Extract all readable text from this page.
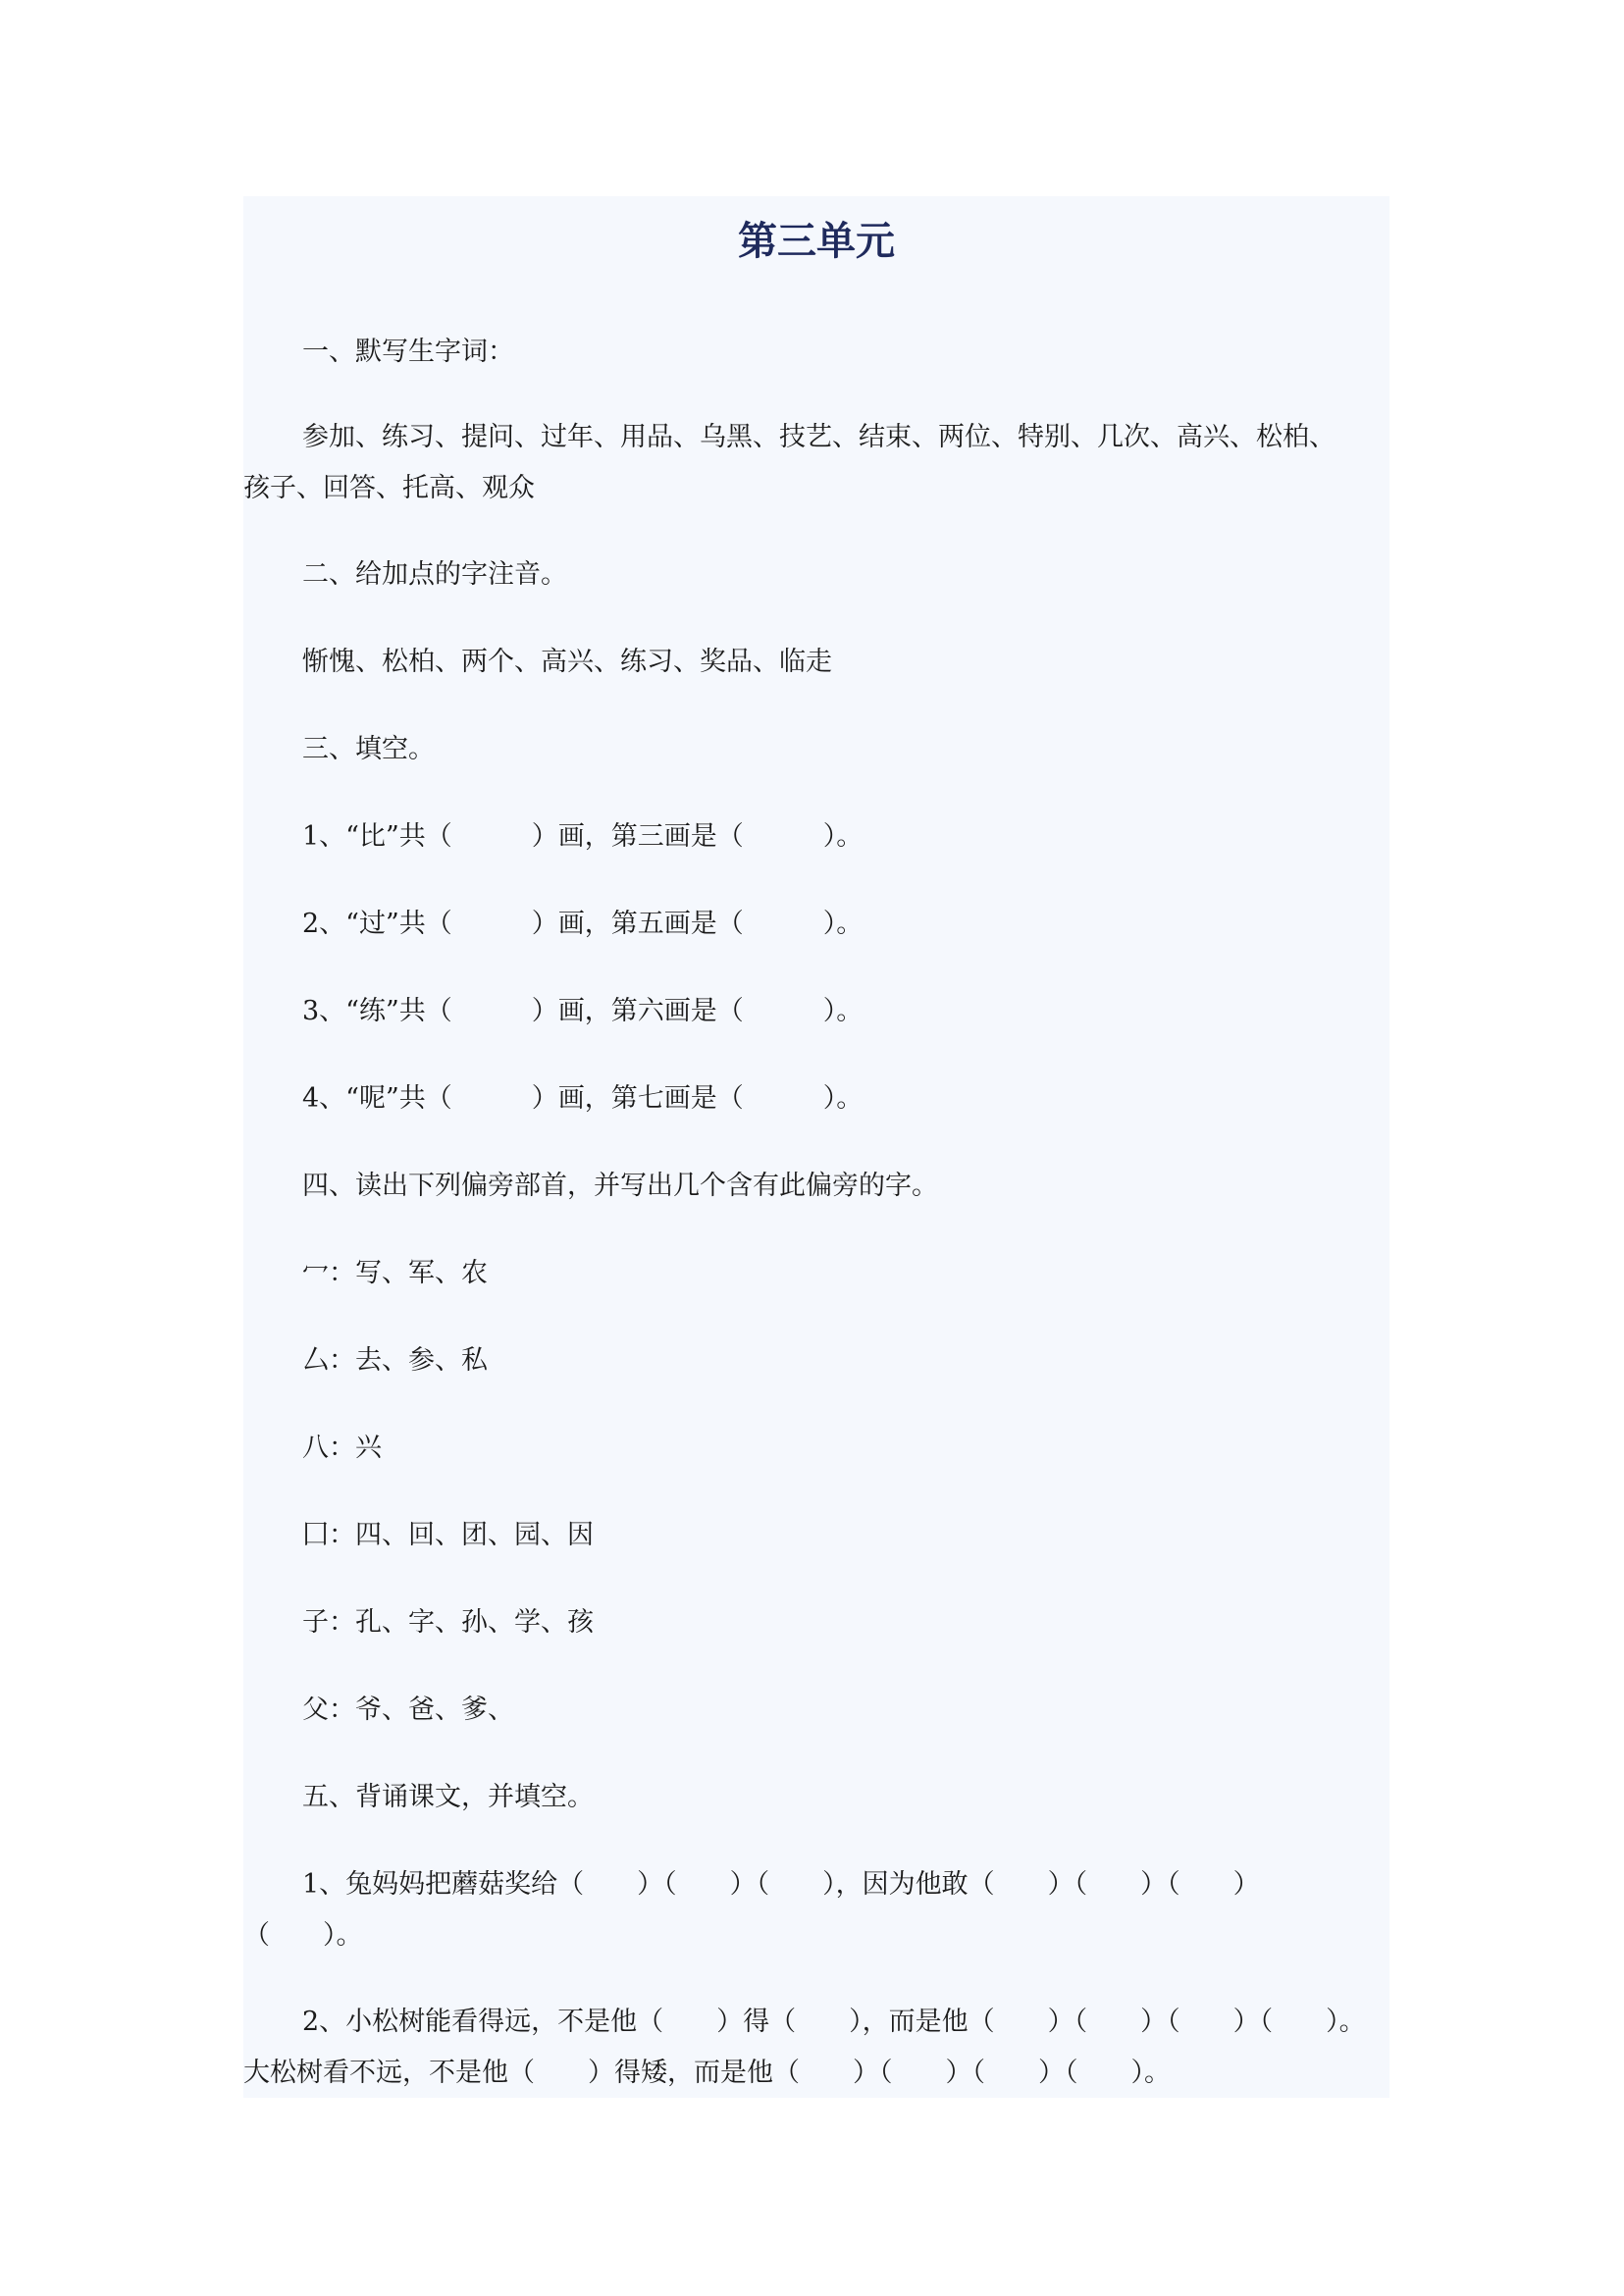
第三单元
一、默写生字词：
参加、练习、提问、过年、用品、乌黑、技艺、结束、两位、特别、几次、高兴、松柏、
孩子、回答、托高、观众
二、给加点的字注音。
惭愧、松柏、两个、高兴、练习、奖品、临走
三、填空。
1、“比”共（　　　）画，第三画是（　　　）。
2、“过”共（　　　）画，第五画是（　　　）。
3、“练”共（　　　）画，第六画是（　　　）。
4、“呢”共（　　　）画，第七画是（　　　）。
四、读出下列偏旁部首，并写出几个含有此偏旁的字。
冖：写、军、农
厶：去、参、私
八：兴
囗：四、回、团、园、因
子：孔、字、孙、学、孩
父：爷、爸、爹、
五、背诵课文，并填空。
1、兔妈妈把蘑菇奖给（　　）（　　）（　　），因为他敢（　　）（　　）（　　）
（　　）。
2、小松树能看得远，不是他（　　）得（　　），而是他（　　）（　　）（　　）（　　）。
大松树看不远，不是他（　　）得矮，而是他（　　）（　　）（　　）（　　）。
